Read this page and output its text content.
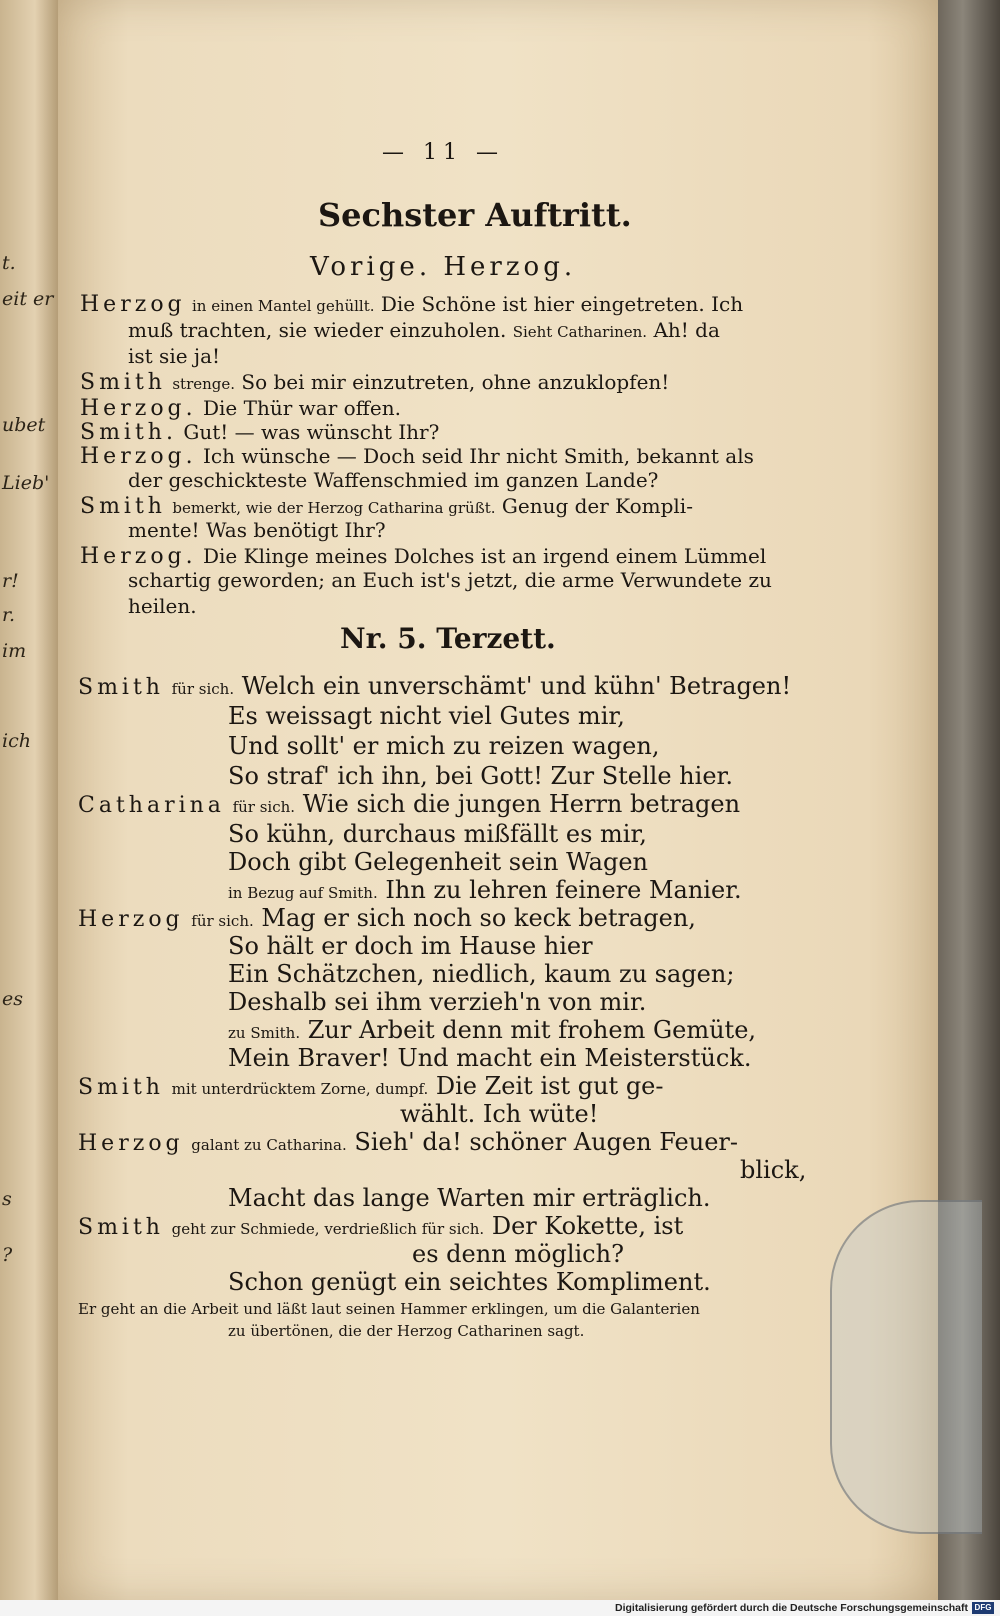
t.
eit er
ubet
Lieb'
r!
r.
im
ich
es
s
?
— 11 —
Sechster Auftritt.
Vorige. Herzog.
Herzog in einen Mantel gehüllt. Die Schöne ist hier eingetreten. Ich
muß trachten, sie wieder einzuholen. Sieht Catharinen. Ah! da
ist sie ja!
Smith strenge. So bei mir einzutreten, ohne anzuklopfen!
Herzog. Die Thür war offen.
Smith. Gut! — was wünscht Ihr?
Herzog. Ich wünsche — Doch seid Ihr nicht Smith, bekannt als
der geschickteste Waffenschmied im ganzen Lande?
Smith bemerkt, wie der Herzog Catharina grüßt. Genug der Kompli-
mente! Was benötigt Ihr?
Herzog. Die Klinge meines Dolches ist an irgend einem Lümmel
schartig geworden; an Euch ist's jetzt, die arme Verwundete zu
heilen.
Nr. 5. Terzett.
Smith für sich. Welch ein unverschämt' und kühn' Betragen!
Es weissagt nicht viel Gutes mir,
Und sollt' er mich zu reizen wagen,
So straf' ich ihn, bei Gott! Zur Stelle hier.
Catharina für sich. Wie sich die jungen Herrn betragen
So kühn, durchaus mißfällt es mir,
Doch gibt Gelegenheit sein Wagen
in Bezug auf Smith. Ihn zu lehren feinere Manier.
Herzog für sich. Mag er sich noch so keck betragen,
So hält er doch im Hause hier
Ein Schätzchen, niedlich, kaum zu sagen;
Deshalb sei ihm verzieh'n von mir.
zu Smith. Zur Arbeit denn mit frohem Gemüte,
Mein Braver! Und macht ein Meisterstück.
Smith mit unterdrücktem Zorne, dumpf. Die Zeit ist gut ge-
wählt. Ich wüte!
Herzog galant zu Catharina. Sieh' da! schöner Augen Feuer-
blick,
Macht das lange Warten mir erträglich.
Smith geht zur Schmiede, verdrießlich für sich. Der Kokette, ist
es denn möglich?
Schon genügt ein seichtes Kompliment.
Er geht an die Arbeit und läßt laut seinen Hammer erklingen, um die Galanterien
zu übertönen, die der Herzog Catharinen sagt.
Digitalisierung gefördert durch die Deutsche Forschungsgemeinschaft DFG
